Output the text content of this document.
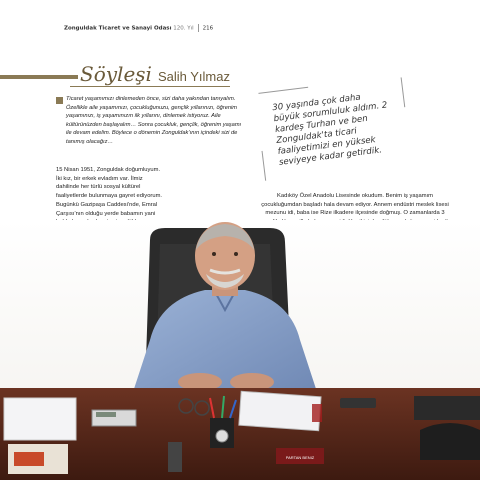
Zonguldak Ticaret ve Sanayi Odası 120. Yıl 216
Söyleşi Salih Yılmaz
Ticaret yaşamımızı dinlemeden önce, sizi daha yakından tanıyalım. Özellikle aile yaşamınızı, çocukluğunuzu, gençlik yıllarınızı, öğrenim yaşamınızı, iş yaşamınızın ilk yıllarını, dinlemek istiyoruz. Aile kültürünüzden başlayalım… Sonra çocukluk, gençlik, öğrenim yaşamı ile devam edelim. Böylece o dönemin Zonguldak’ının içindeki sizi de tanımış olacağız…
30 yaşında çok daha büyük sorumluluk aldım. 2 kardeş Turhan ve ben Zonguldak'ta ticari faaliyetimizi en yüksek seviyeye kadar getirdik.
15 Nisan 1951, Zonguldak doğumluyum. İki kız, bir erkek evladım var. İlmiz dahilinde her türlü sosyal kültürel faaliyetlerde bulunmaya gayret ediyorum. Bugünkü Gazipaşa Caddesi’nde, Emral Çarşısı’nın olduğu yerde babamın yani
Kadıköy Özel Anadolu Lisesinde okudum. Benim iş yaşamım çocukluğumdan başladı hala devam ediyor. Annem endüstri meslek lisesi mezunu idi, baba ise Rize ilkadere ilçesinde doğmuş. O zamanlarda 3
PARTAN BENIZ
